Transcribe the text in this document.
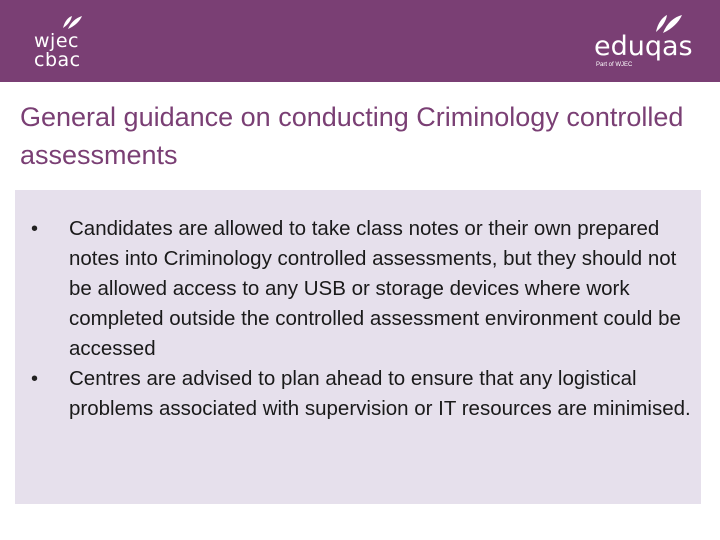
wjec
cbac	eduqas
Part of WJEC
General guidance on conducting Criminology controlled assessments
• Candidates are allowed to take class notes or their own prepared notes into Criminology controlled assessments, but they should not be allowed access to any USB or storage devices where work completed outside the controlled assessment environment could be accessed
• Centres are advised to plan ahead to ensure that any logistical problems associated with supervision or IT resources are minimised.
